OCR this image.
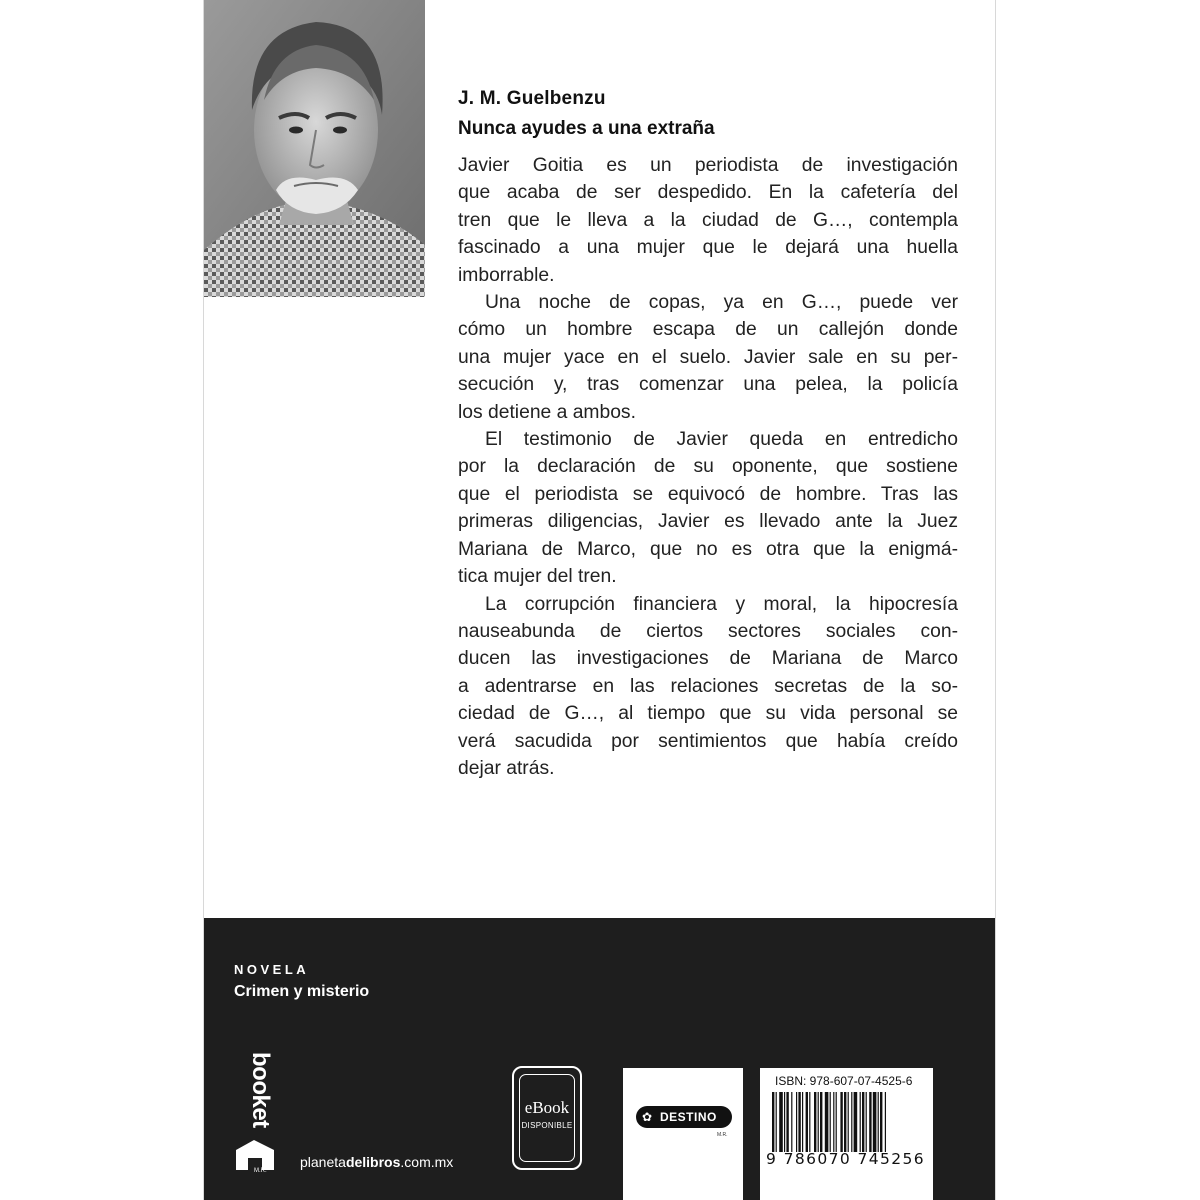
J. M. Guelbenzu
Nunca ayudes a una extraña
Javier Goitia es un periodista de investigación
que acaba de ser despedido. En la cafetería del
tren que le lleva a la ciudad de G…, contempla
fascinado a una mujer que le dejará una huella
imborrable.
Una noche de copas, ya en G…, puede ver
cómo un hombre escapa de un callejón donde
una mujer yace en el suelo. Javier sale en su per-
secución y, tras comenzar una pelea, la policía
los detiene a ambos.
El testimonio de Javier queda en entredicho
por la declaración de su oponente, que sostiene
que el periodista se equivocó de hombre. Tras las
primeras diligencias, Javier es llevado ante la Juez
Mariana de Marco, que no es otra que la enigmá-
tica mujer del tren.
La corrupción financiera y moral, la hipocresía
nauseabunda de ciertos sectores sociales con-
ducen las investigaciones de Mariana de Marco
a adentrarse en las relaciones secretas de la so-
ciedad de G…, al tiempo que su vida personal se
verá sacudida por sentimientos que había creído
dejar atrás.
NOVELA
Crimen y misterio
booket
M.R.
planetadelibros.com.mx
eBook
DISPONIBLE
✿ DESTINO
M.R.
ISBN: 978-607-07-4525-6
9 786070 745256
